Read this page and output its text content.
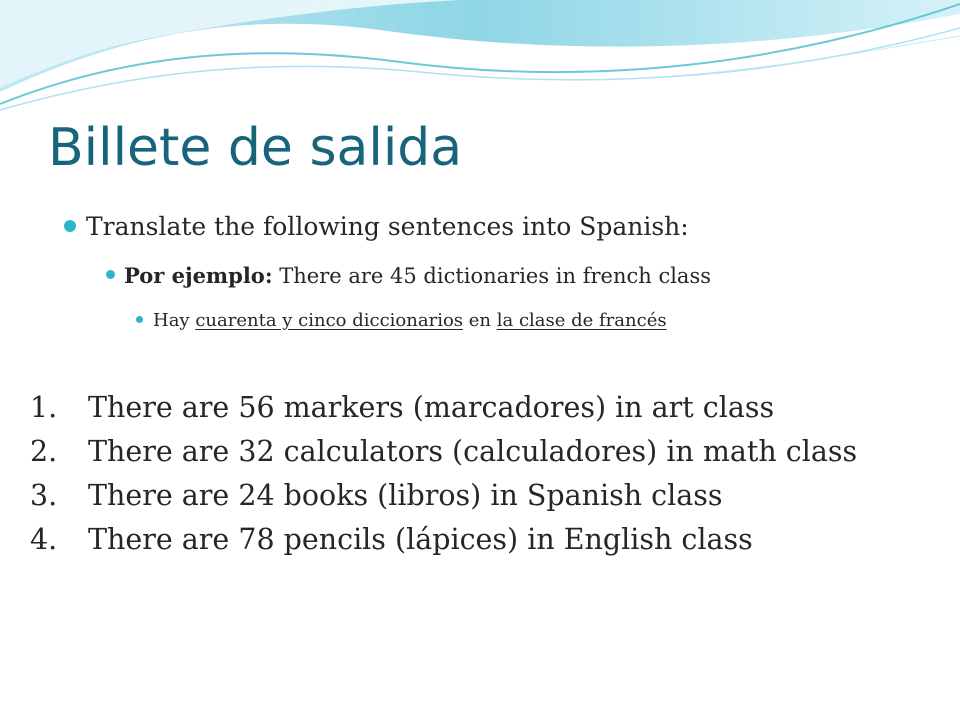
Billete de salida
Translate the following sentences into Spanish:
Por ejemplo: There are 45 dictionaries in french class
Hay cuarenta y cinco diccionarios en la clase de francés
1.	There are 56 markers (marcadores) in art class
2.	There are 32 calculators (calculadores) in math class
3.	There are 24 books (libros) in Spanish class
4.	There are 78 pencils (lápices) in English class
